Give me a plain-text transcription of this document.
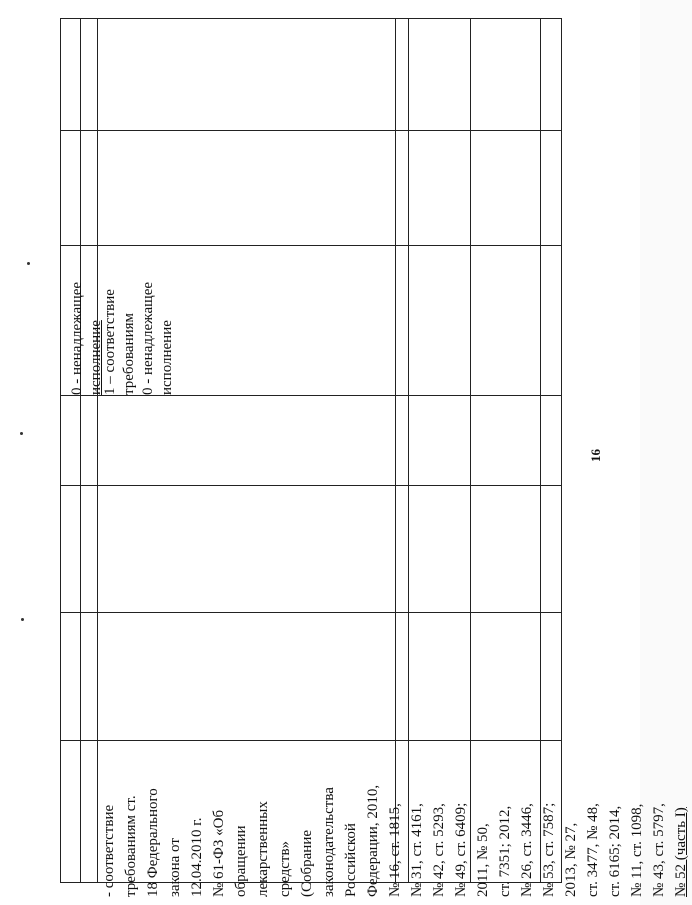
- соответствие требованиям ст. 18 Федерального закона от 12.04.2010 г. № 61-ФЗ «Об обращении лекарственных средств» (Собрание законодательства Российской Федерации, 2010, № 16, ст. 1815, № 31, ст. 4161, № 42, ст. 5293, № 49, ст. 6409; 2011, № 50, ст. 7351; 2012, № 26, ст. 3446, № 53, ст. 7587; 2013, № 27, ст. 3477, № 48, ст. 6165; 2014, № 11, ст. 1098, № 43, ст. 5797, № 52 (часть I)
0 - ненадлежащее исполнение
1 – соответствие требованиям 0 - ненадлежащее исполнение
16
